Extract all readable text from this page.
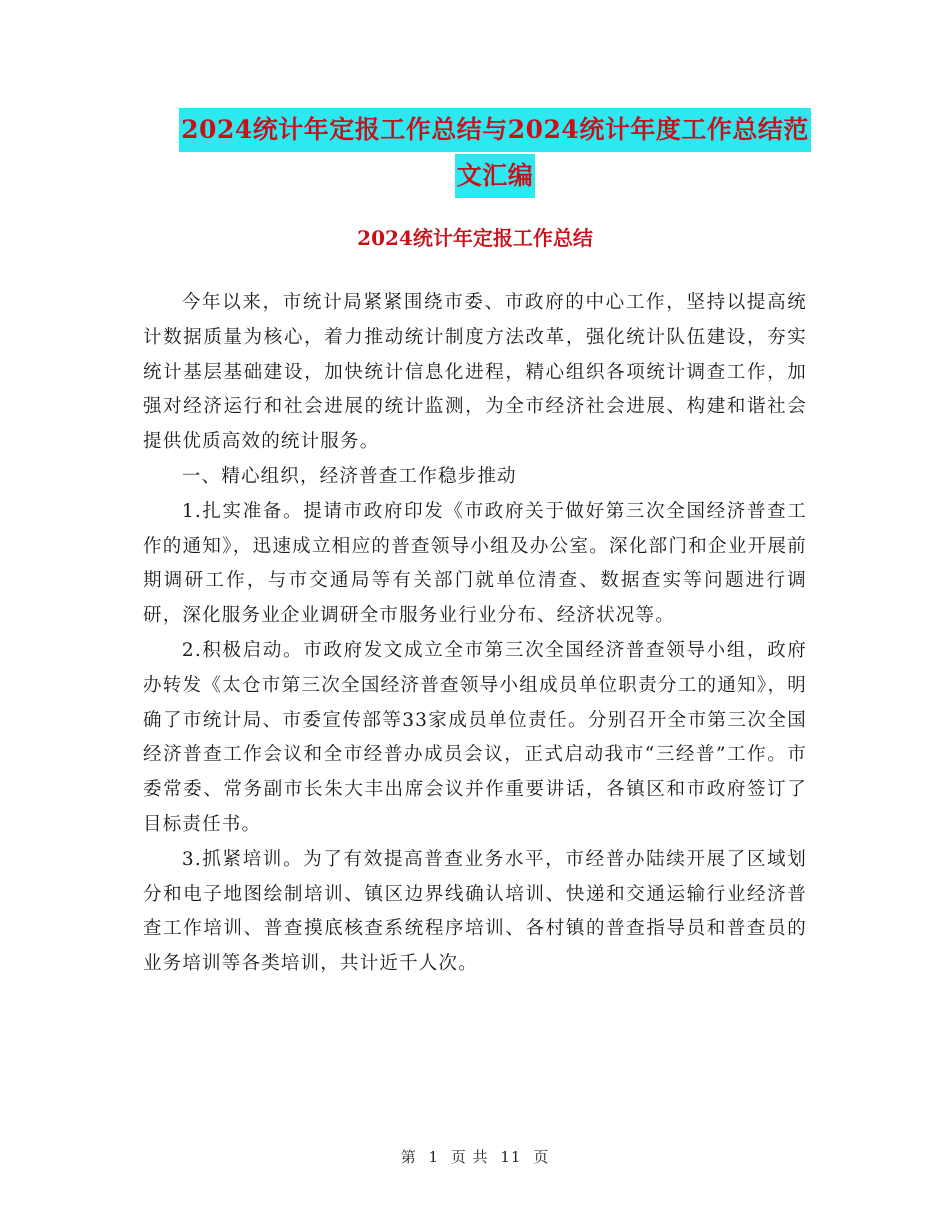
2024统计年定报工作总结与2024统计年度工作总结范
文汇编
2024统计年定报工作总结

今年以来，市统计局紧紧围绕市委、市政府的中心工作，坚持以提高统计数据质量为核心，着力推动统计制度方法改革，强化统计队伍建设，夯实统计基层基础建设，加快统计信息化进程，精心组织各项统计调查工作，加强对经济运行和社会进展的统计监测，为全市经济社会进展、构建和谐社会提供优质高效的统计服务。

一、精心组织，经济普查工作稳步推动

1.扎实准备。提请市政府印发《市政府关于做好第三次全国经济普查工作的通知》，迅速成立相应的普查领导小组及办公室。深化部门和企业开展前期调研工作，与市交通局等有关部门就单位清查、数据查实等问题进行调研，深化服务业企业调研全市服务业行业分布、经济状况等。

2.积极启动。市政府发文成立全市第三次全国经济普查领导小组，政府办转发《太仓市第三次全国经济普查领导小组成员单位职责分工的通知》，明确了市统计局、市委宣传部等33家成员单位责任。分别召开全市第三次全国经济普查工作会议和全市经普办成员会议，正式启动我市“三经普”工作。市委常委、常务副市长朱大丰出席会议并作重要讲话，各镇区和市政府签订了目标责任书。

3.抓紧培训。为了有效提高普查业务水平，市经普办陆续开展了区域划分和电子地图绘制培训、镇区边界线确认培训、快递和交通运输行业经济普查工作培训、普查摸底核查系统程序培训、各村镇的普查指导员和普查员的业务培训等各类培训，共计近千人次。

第 1 页 共 11 页
